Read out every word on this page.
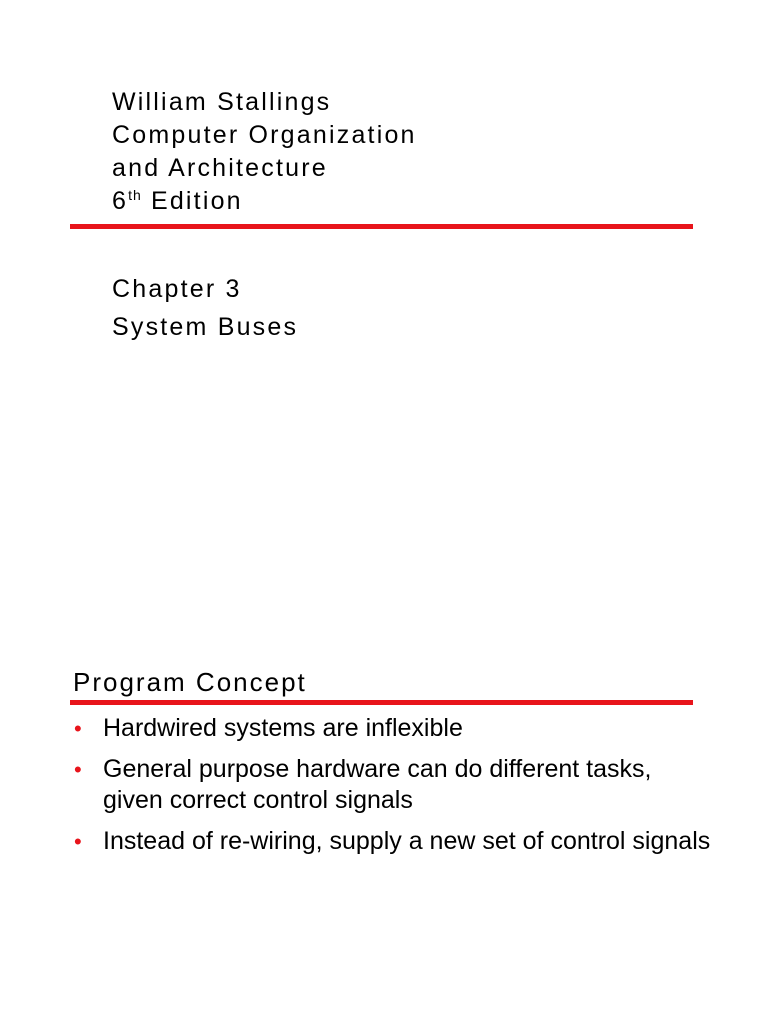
William Stallings
Computer Organization
and Architecture
6th Edition
Chapter 3
System Buses
Program Concept
• Hardwired systems are inflexible
• General purpose hardware can do different tasks, given correct control signals
• Instead of re-wiring, supply a new set of control signals
